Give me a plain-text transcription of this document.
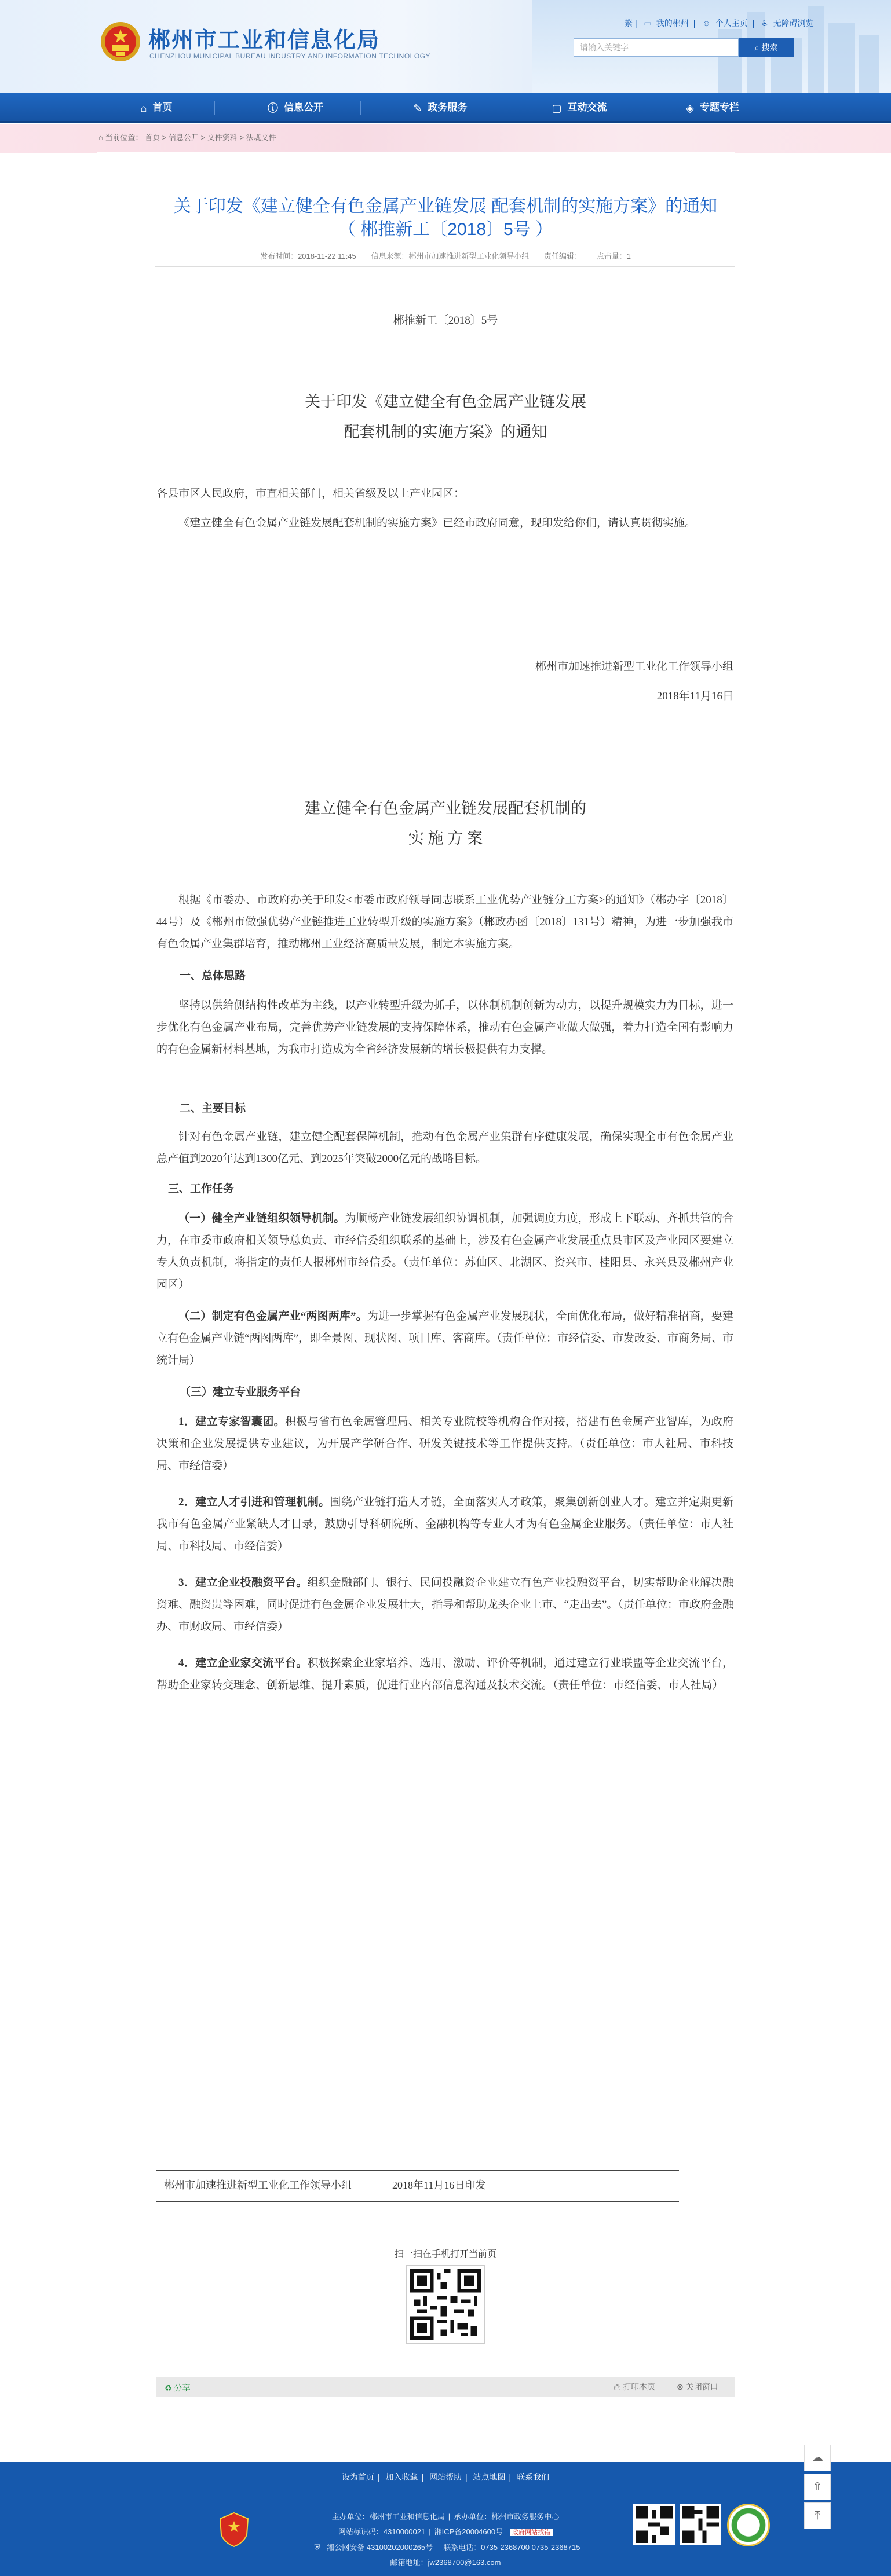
郴州市工业和信息化局
CHENZHOU MUNICIPAL BUREAU INDUSTRY AND INFORMATION TECHNOLOGY
繁 | ▭ 我的郴州 | ☺ 个人主页 | ♿ 无障碍浏览
请输入关键字	⌕ 搜索
⌂ 首页	ⓘ 信息公开	✎ 政务服务	▢ 互动交流	◈ 专题专栏
⌂ 当前位置： 首页 > 信息公开 > 文件资料 > 法规文件
关于印发《建立健全有色金属产业链发展 配套机制的实施方案》的通知
（ 郴推新工〔2018〕5号 ）
发布时间：2018-11-22 11:45 信息来源：郴州市加速推进新型工业化领导小组 责任编辑： 点击量：1
郴推新工〔2018〕5号
关于印发《建立健全有色金属产业链发展
配套机制的实施方案》的通知
各县市区人民政府，市直相关部门，相关省级及以上产业园区：
《建立健全有色金属产业链发展配套机制的实施方案》已经市政府同意，现印发给你们，请认真贯彻实施。
郴州市加速推进新型工业化工作领导小组
2018年11月16日
建立健全有色金属产业链发展配套机制的
实 施 方 案
根据《市委办、市政府办关于印发<市委市政府领导同志联系工业优势产业链分工方案>的通知》（郴办字〔2018〕44号）及《郴州市做强优势产业链推进工业转型升级的实施方案》（郴政办函〔2018〕131号）精神，为进一步加强我市有色金属产业集群培育，推动郴州工业经济高质量发展，制定本实施方案。
一、总体思路
坚持以供给侧结构性改革为主线，以产业转型升级为抓手，以体制机制创新为动力，以提升规模实力为目标，进一步优化有色金属产业布局，完善优势产业链发展的支持保障体系，推动有色金属产业做大做强，着力打造全国有影响力的有色金属新材料基地，为我市打造成为全省经济发展新的增长极提供有力支撑。
二、主要目标
针对有色金属产业链，建立健全配套保障机制，推动有色金属产业集群有序健康发展，确保实现全市有色金属产业总产值到2020年达到1300亿元、到2025年突破2000亿元的战略目标。
三、工作任务
（一）健全产业链组织领导机制。为顺畅产业链发展组织协调机制，加强调度力度，形成上下联动、齐抓共管的合力，在市委市政府相关领导总负责、市经信委组织联系的基础上，涉及有色金属产业发展重点县市区及产业园区要建立专人负责机制，将指定的责任人报郴州市经信委。（责任单位：苏仙区、北湖区、资兴市、桂阳县、永兴县及郴州产业园区）
（二）制定有色金属产业“两图两库”。为进一步掌握有色金属产业发展现状，全面优化布局，做好精准招商，要建立有色金属产业链“两图两库”，即全景图、现状图、项目库、客商库。（责任单位：市经信委、市发改委、市商务局、市统计局）
（三）建立专业服务平台
1．建立专家智囊团。积极与省有色金属管理局、相关专业院校等机构合作对接，搭建有色金属产业智库，为政府决策和企业发展提供专业建议，为开展产学研合作、研发关键技术等工作提供支持。（责任单位：市人社局、市科技局、市经信委）
2．建立人才引进和管理机制。围绕产业链打造人才链，全面落实人才政策，聚集创新创业人才。建立并定期更新我市有色金属产业紧缺人才目录，鼓励引导科研院所、金融机构等专业人才为有色金属企业服务。（责任单位：市人社局、市科技局、市经信委）
3．建立企业投融资平台。组织金融部门、银行、民间投融资企业建立有色产业投融资平台，切实帮助企业解决融资难、融资贵等困难，同时促进有色金属企业发展壮大，指导和帮助龙头企业上市、“走出去”。（责任单位：市政府金融办、市财政局、市经信委）
4．建立企业家交流平台。积极探索企业家培养、选用、激励、评价等机制，通过建立行业联盟等企业交流平台，帮助企业家转变理念、创新思维、提升素质，促进行业内部信息沟通及技术交流。（责任单位：市经信委、市人社局）
郴州市加速推进新型工业化工作领导小组	2018年11月16日印发
扫一扫在手机打开当前页
♻ 分享	⎙ 打印本页	⊗ 关闭窗口
设为首页 | 加入收藏 | 网站帮助 | 站点地图 | 联系我们
主办单位：郴州市工业和信息化局 | 承办单位：郴州市政务服务中心
网站标识码：4310000021 | 湘ICP备20004600号 政府网站找错
⛨ 湘公网安备 43100202000265号 联系电话：0735-2368700 0735-2368715
邮箱地址：jw2368700@163.com
☁
⇧
⤒
